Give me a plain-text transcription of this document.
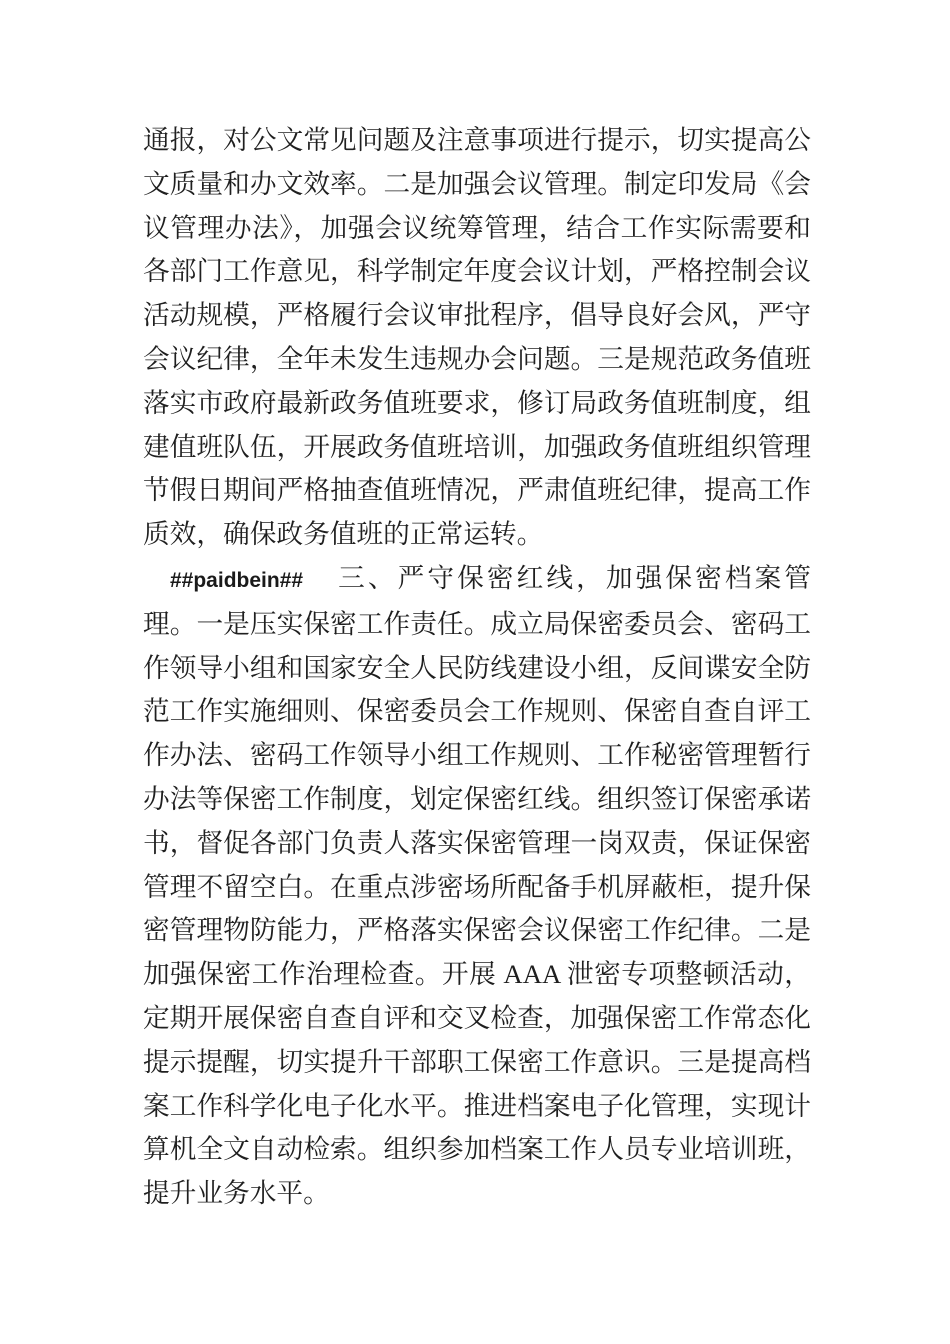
通报，对公文常见问题及注意事项进行提示，切实提高公文质量和办文效率。二是加强会议管理。制定印发局《会议管理办法》，加强会议统筹管理，结合工作实际需要和各部门工作意见，科学制定年度会议计划，严格控制会议活动规模，严格履行会议审批程序，倡导良好会风，严守会议纪律，全年未发生违规办会问题。三是规范政务值班落实市政府最新政务值班要求，修订局政务值班制度，组建值班队伍，开展政务值班培训，加强政务值班组织管理节假日期间严格抽查值班情况，严肃值班纪律，提高工作质效，确保政务值班的正常运转。

##paidbein## 三、严守保密红线，加强保密档案管理。一是压实保密工作责任。成立局保密委员会、密码工作领导小组和国家安全人民防线建设小组，反间谍安全防范工作实施细则、保密委员会工作规则、保密自查自评工作办法、密码工作领导小组工作规则、工作秘密管理暂行办法等保密工作制度，划定保密红线。组织签订保密承诺书，督促各部门负责人落实保密管理一岗双责，保证保密管理不留空白。在重点涉密场所配备手机屏蔽柜，提升保密管理物防能力，严格落实保密会议保密工作纪律。二是加强保密工作治理检查。开展 AAA 泄密专项整顿活动，定期开展保密自查自评和交叉检查，加强保密工作常态化提示提醒，切实提升干部职工保密工作意识。三是提高档案工作科学化电子化水平。推进档案电子化管理，实现计算机全文自动检索。组织参加档案工作人员专业培训班，提升业务水平。
